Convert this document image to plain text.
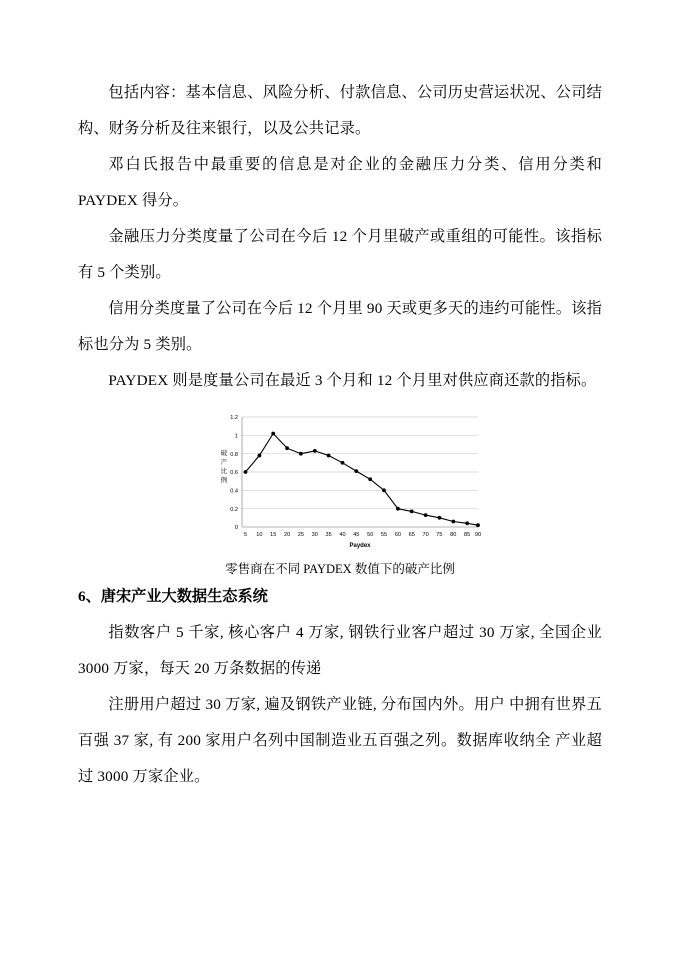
包括内容：基本信息、风险分析、付款信息、公司历史营运状况、公司结构、财务分析及往来银行，以及公共记录。

邓白氏报告中最重要的信息是对企业的金融压力分类、信用分类和 PAYDEX 得分。

金融压力分类度量了公司在今后 12 个月里破产或重组的可能性。该指标有 5 个类别。

信用分类度量了公司在今后 12 个月里 90 天或更多天的违约可能性。该指标也分为 5 类别。

PAYDEX 则是度量公司在最近 3 个月和 12 个月里对供应商还款的指标。

0
0.2
0.4
0.6
0.8
1
1.2
破
产
比
例
5 10 15 20 25 30 35 40 45 50 55 60 65 70 75 80 85 90
Paydex
零售商在不同 PAYDEX 数值下的破产比例

6、唐宋产业大数据生态系统

指数客户 5 千家, 核心客户 4 万家, 钢铁行业客户超过 30 万家, 全国企业 3000 万家，每天 20 万条数据的传递

注册用户超过 30 万家, 遍及钢铁产业链, 分布国内外。用户 中拥有世界五百强 37 家, 有 200 家用户名列中国制造业五百强之列。数据库收纳全 产业超过 3000 万家企业。
